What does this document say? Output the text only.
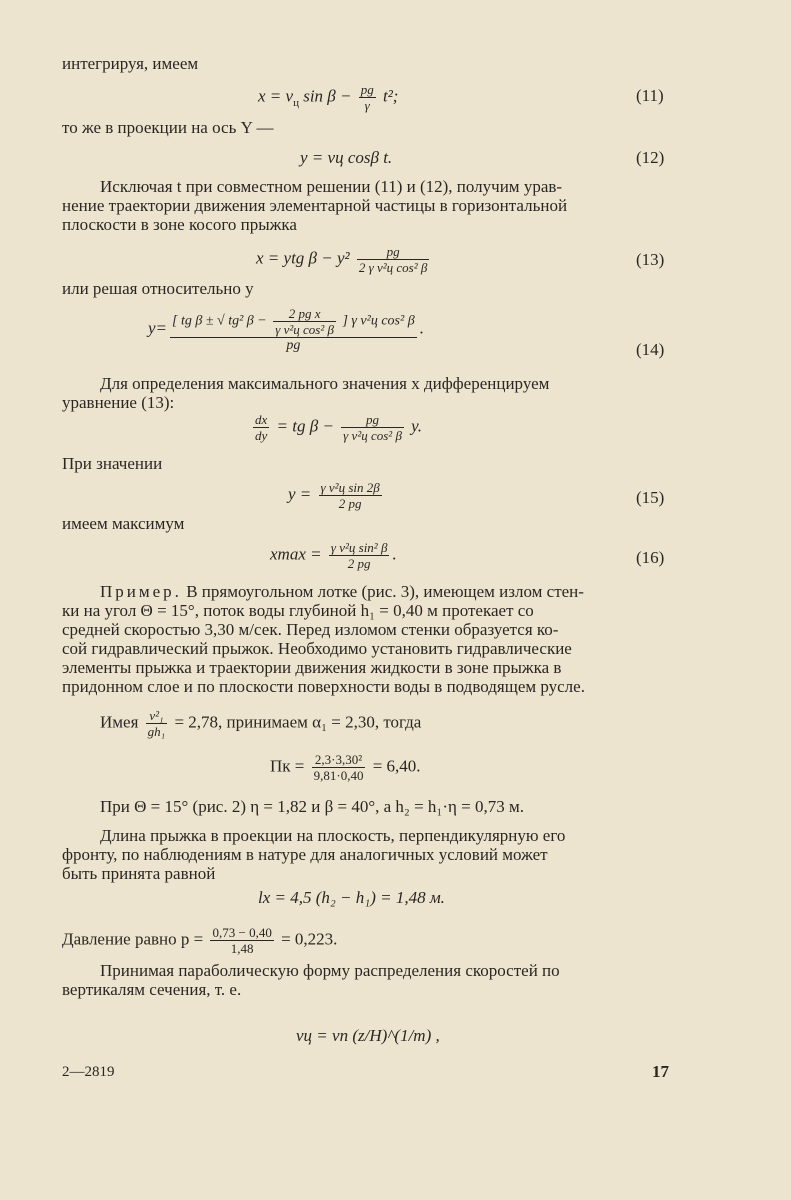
интегрируя, имеем
$x = v_ц$ $\sin \beta - \frac{pg}{\gamma} t^2$;	(11)
то же в проекции на ось Y —
y = vц cosβ t.	(12)
Исключая t при совместном решении (11) и (12), получим урав-
нение траектории движения элементарной частицы в горизонтальной
плоскости в зоне косого прыжка
x = ytg $\beta - y^2 \frac{pg}{\text{2 γ v²ц cos² β}}$	(13)
или решая относительно y
$y= \frac{[ tg \beta \pm √ tg^2 \beta - \frac{\text{2 pg x}}{\text{γ v²ц cos² β}} ] \gamma v^2ц \cos^2 \beta}{pg}$ .
(14)
Для определения максимального значения x дифференцируем
уравнение (13):
$\frac{dx}{dy}$ = tg $\beta - \frac{pg}{\text{γ v²ц cos² β}} y$.
При значении
$y = \frac{\text{γ v²ц sin 2β}}{2 pg}$	(15)
имеем максимум
$xmax = \frac{\text{γ v²ц sin² β}}{2 pg}$ .	(16)
Пример. В прямоугольном лотке (рис. 3), имеющем излом стен-
ки на угол Θ = 15°, поток воды глубиной h₁ = 0,40 м протекает со
средней скоростью 3,30 м/сек. Перед изломом стенки образуется ко-
сой гидравлический прыжок. Необходимо установить гидравлические
элементы прыжка и траектории движения жидкости в зоне прыжка в
придонном слое и по плоскости поверхности воды в подводящем русле.
Имея $\frac{\text{v²₁}}{\text{gh₁}} = 2,78$, принимаем α₁ = 2,30, тогда
Пк = $\frac{\text{2,3·3,30²}}{9,81\cdot 0,40} = 6,40$.
При Θ = 15° (рис. 2) η = 1,82 и β = 40°, а h₂ = h₁·η = 0,73 м.
Длина прыжка в проекции на плоскость, перпендикулярную его
фронту, по наблюдениям в натуре для аналогичных условий может
быть принята равной
lx = 4,5 (h₂ − h₁) = 1,48 м.
Давление равно $p = \frac{0,73 - 0,40}{1,48} = 0,223$.
Принимая параболическую форму распределения скоростей по
вертикалям сечения, т. е.
vц = vп (z/H)^(1/m) ,
2—2819	17
